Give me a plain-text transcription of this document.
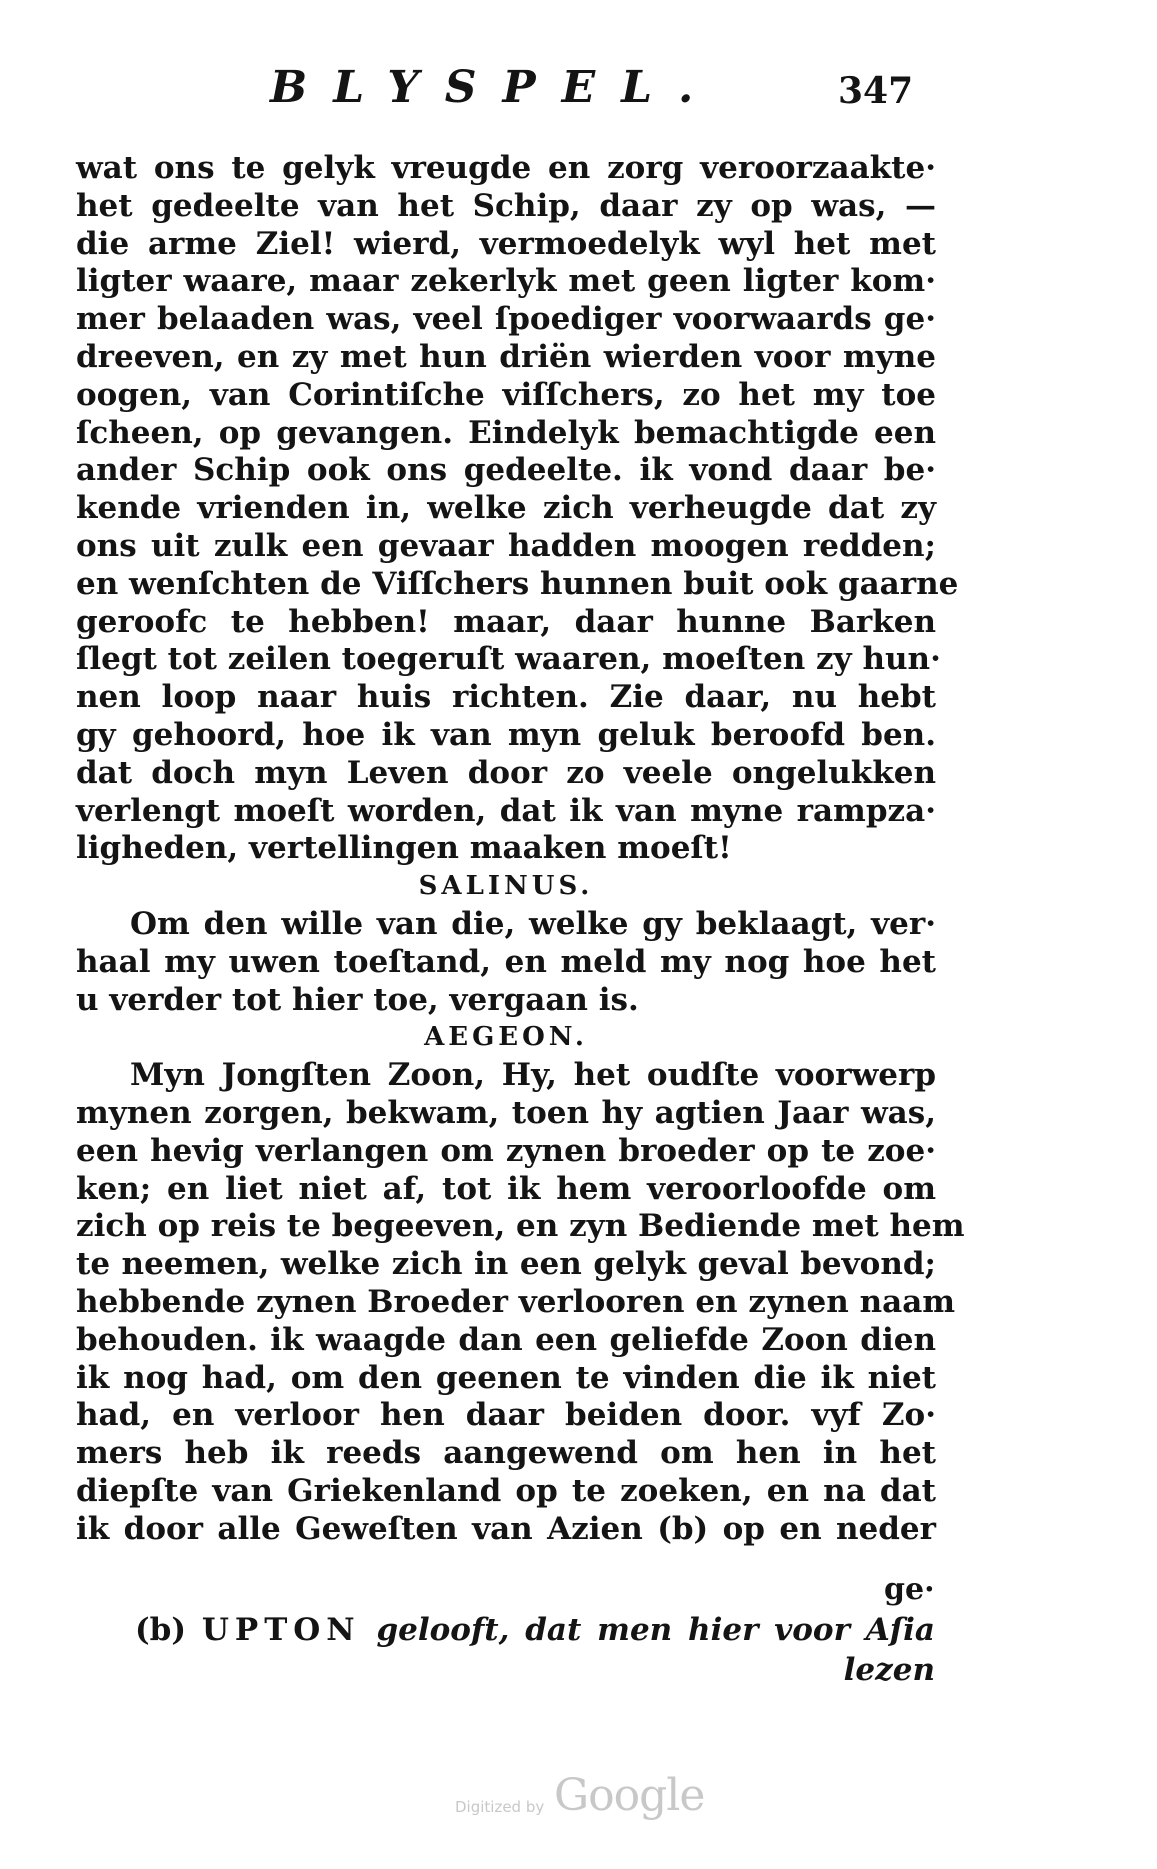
BLYSPEL.	347
wat ons te gelyk vreugde en zorg veroorzaakte·
het gedeelte van het Schip, daar zy op was, —
die arme Ziel! wierd, vermoedelyk wyl het met
ligter waare, maar zekerlyk met geen ligter kom·
mer belaaden was, veel ſpoediger voorwaards ge·
dreeven, en zy met hun driën wierden voor myne
oogen, van Corintiſche viſſchers, zo het my toe
ſcheen, op gevangen. Eindelyk bemachtigde een
ander Schip ook ons gedeelte. ik vond daar be·
kende vrienden in, welke zich verheugde dat zy
ons uit zulk een gevaar hadden moogen redden;
en wenſchten de Viſſchers hunnen buit ook gaarne
geroofc te hebben! maar, daar hunne Barken
ſlegt tot zeilen toegeruſt waaren, moeſten zy hun·
nen loop naar huis richten. Zie daar, nu hebt
gy gehoord, hoe ik van myn geluk beroofd ben.
dat doch myn Leven door zo veele ongelukken
verlengt moeſt worden, dat ik van myne rampza·
ligheden, vertellingen maaken moeſt!
SALINUS.
Om den wille van die, welke gy beklaagt, ver·
haal my uwen toeſtand, en meld my nog hoe het
u verder tot hier toe, vergaan is.
AEGEON.
Myn Jongſten Zoon, Hy, het oudſte voorwerp
mynen zorgen, bekwam, toen hy agtien Jaar was,
een hevig verlangen om zynen broeder op te zoe·
ken; en liet niet af, tot ik hem veroorloofde om
zich op reis te begeeven, en zyn Bediende met hem
te neemen, welke zich in een gelyk geval bevond;
hebbende zynen Broeder verlooren en zynen naam
behouden. ik waagde dan een geliefde Zoon dien
ik nog had, om den geenen te vinden die ik niet
had, en verloor hen daar beiden door. vyf Zo·
mers heb ik reeds aangewend om hen in het
diepſte van Griekenland op te zoeken, en na dat
ik door alle Geweſten van Azien (b) op en neder
ge·
(b) UPTON gelooft, dat men hier voor Aſia
lezen
Digitized by Google
